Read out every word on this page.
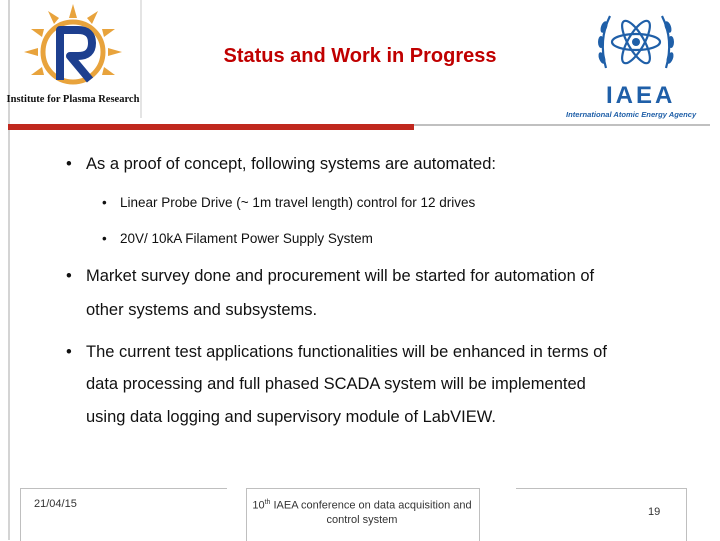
Institute for Plasma Research	IAEA
International Atomic Energy Agency
Status and Work in Progress
• As a proof of concept, following systems are automated:
• Linear Probe Drive (~ 1m travel length) control for 12 drives
• 20V/ 10kA Filament Power Supply System
• Market survey done and procurement will be started for automation of
other systems and subsystems.
• The current test applications functionalities will be enhanced in terms of
data processing and full phased SCADA system will be implemented
using data logging and supervisory module of LabVIEW.
21/04/15	10th IAEA conference on data acquisition and
control system
19
